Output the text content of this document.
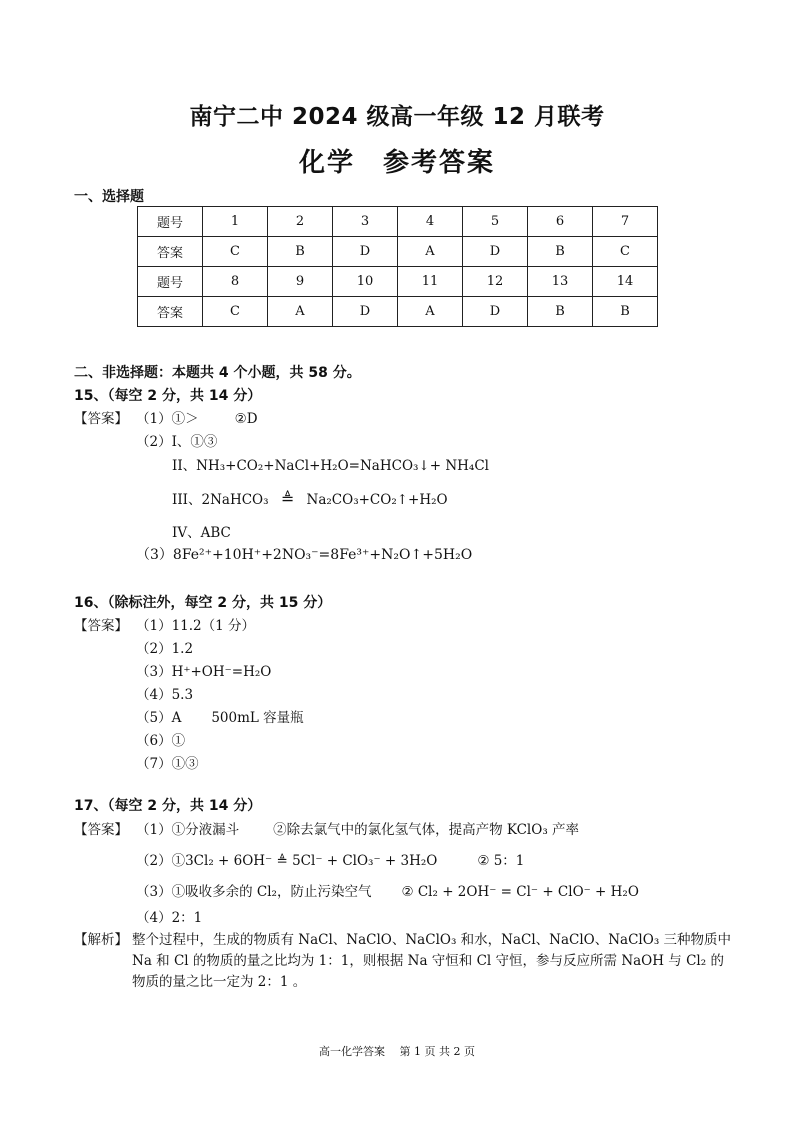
南宁二中 2024 级高一年级 12 月联考
化学　参考答案
一、选择题
题号	1	2	3	4	5	6	7
答案	C	B	D	A	D	B	C
题号	8	9	10	11	12	13	14
答案	C	A	D	A	D	B	B
二、非选择题：本题共 4 个小题，共 58 分。
15、（每空 2 分，共 14 分）
【答案】 （1）①＞	②D
（2）I、①③
II、NH₃+CO₂+NaCl+H₂O=NaHCO₃↓+ NH₄Cl
III、2NaHCO₃ ≜ Na₂CO₃+CO₂↑+H₂O
IV、ABC
（3）8Fe²⁺+10H⁺+2NO₃⁻=8Fe³⁺+N₂O↑+5H₂O
16、（除标注外，每空 2 分，共 15 分）
【答案】 （1）11.2（1 分）
（2）1.2
（3）H⁺+OH⁻=H₂O
（4）5.3
（5）A 500mL 容量瓶
（6）①
（7）①③
17、（每空 2 分，共 14 分）
【答案】 （1）①分液漏斗	②除去氯气中的氯化氢气体，提高产物 KClO₃ 产率
（2）①3Cl₂ + 6OH⁻ ≜ 5Cl⁻ + ClO₃⁻ + 3H₂O	② 5：1
（3）①吸收多余的 Cl₂，防止污染空气 ② Cl₂ + 2OH⁻ = Cl⁻ + ClO⁻ + H₂O
（4）2：1
【解析】 整个过程中，生成的物质有 NaCl、NaClO、NaClO₃ 和水，NaCl、NaClO、NaClO₃ 三种物质中 Na 和 Cl 的物质的量之比均为 1：1，则根据 Na 守恒和 Cl 守恒，参与反应所需 NaOH 与 Cl₂ 的物质的量之比一定为 2：1 。
高一化学答案　 第 1 页 共 2 页
